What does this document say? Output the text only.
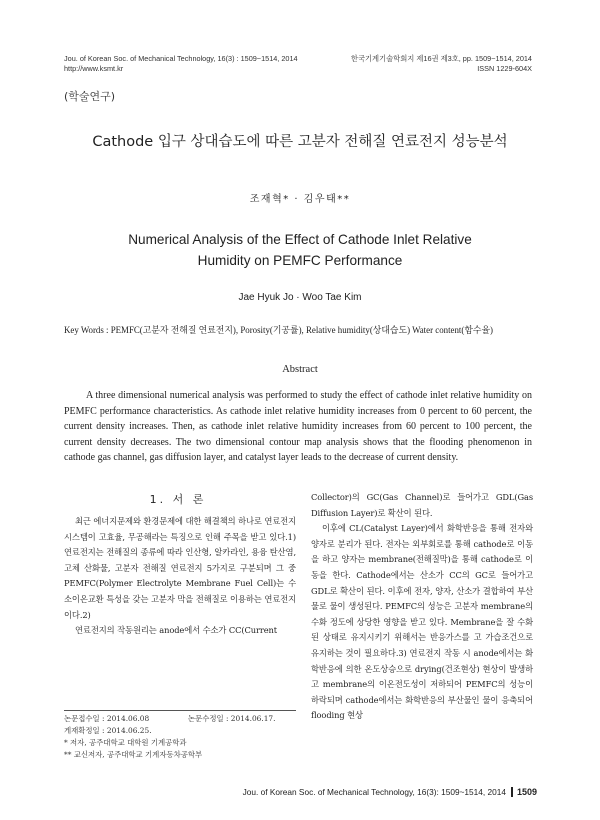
Jou. of Korean Soc. of Mechanical Technology, 16(3) : 1509~1514, 2014
http://www.ksmt.kr
한국기계기술학회지 제16권 제3호, pp. 1509~1514, 2014
ISSN 1229-604X
(학술연구)
Cathode 입구 상대습도에 따른 고분자 전해질 연료전지 성능분석
조재혁* · 김우태**
Numerical Analysis of the Effect of Cathode Inlet Relative
Humidity on PEMFC Performance
Jae Hyuk Jo · Woo Tae Kim
Key Words : PEMFC(고분자 전해질 연료전지), Porosity(기공률), Relative humidity(상대습도) Water content(함수율)
Abstract
A three dimensional numerical analysis was performed to study the effect of cathode inlet relative humidity on PEMFC performance characteristics. As cathode inlet relative humidity increases from 0 percent to 60 percent, the current density increases. Then, as cathode inlet relative humidity increases from 60 percent to 100 percent, the current density decreases. The two dimensional contour map analysis shows that the flooding phenomenon in cathode gas channel, gas diffusion layer, and catalyst layer leads to the decrease of current density.
1. 서 론

최근 에너지문제와 환경문제에 대한 해결책의 하나로 연료전지 시스템이 고효율, 무공해라는 특징으로 인해 주목을 받고 있다.1) 연료전지는 전해질의 종류에 따라 인산형, 알카라인, 용융 탄산염, 고체 산화물, 고분자 전해질 연료전지 5가지로 구분되며 그 중 PEMFC(Polymer Electrolyte Membrane Fuel Cell)는 수소이온교환 특성을 갖는 고분자 막을 전해질로 이용하는 연료전지이다.2)

연료전지의 작동원리는 anode에서 수소가 CC(Current

Collector)의 GC(Gas Channel)로 들어가고 GDL(Gas Diffusion Layer)로 확산이 된다.

이후에 CL(Catalyst Layer)에서 화학반응을 통해 전자와 양자로 분리가 된다. 전자는 외부회로를 통해 cathode로 이동을 하고 양자는 membrane(전해질막)을 통해 cathode로 이동을 한다. Cathode에서는 산소가 CC의 GC로 들어가고 GDL로 확산이 된다. 이후에 전자, 양자, 산소가 결합하여 부산물로 물이 생성된다. PEMFC의 성능은 고분자 membrane의 수화 정도에 상당한 영향을 받고 있다. Membrane을 잘 수화된 상태로 유지시키기 위해서는 반응가스를 고 가습조건으로 유지하는 것이 필요하다.3) 연료전지 작동 시 anode에서는 화학반응에 의한 온도상승으로 drying(건조현상) 현상이 발생하고 membrane의 이온전도성이 저하되어 PEMFC의 성능이 하락되며 cathode에서는 화학반응의 부산물인 물이 응축되어 flooding 현상

논문접수일 : 2014.06.08	논문수정일 : 2014.06.17.
게재확정일 : 2014.06.25.
* 저자, 공주대학교 대학원 기계공학과
** 교신저자, 공주대학교 기계자동차공학부
Jou. of Korean Soc. of Mechanical Technology, 16(3): 1509~1514, 2014 1509
